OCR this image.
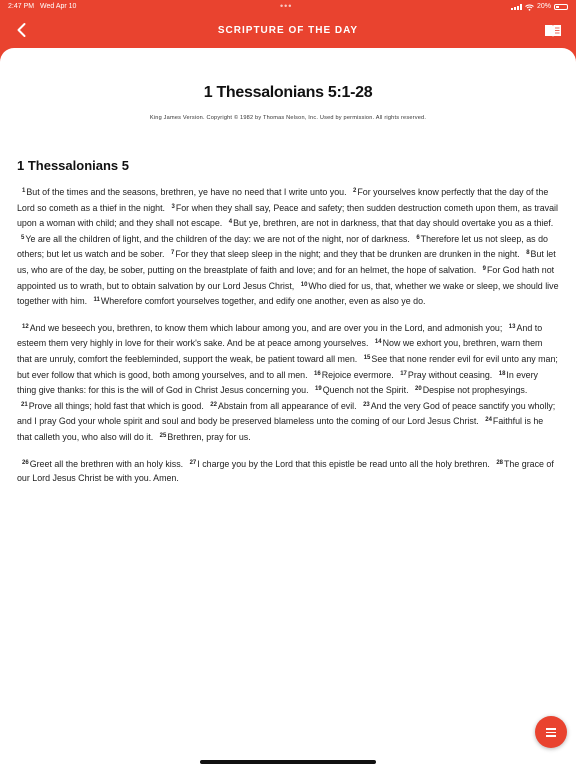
2:47 PM Wed Apr 10	•••	20%
SCRIPTURE OF THE DAY
1 Thessalonians 5:1-28
King James Version. Copyright © 1982 by Thomas Nelson, Inc. Used by permission. All rights reserved.
1 Thessalonians 5

$^1$But of the times and the seasons, brethren, ye have no need that I write unto you. $^2$For yourselves know perfectly that the day of the Lord so cometh as a thief in the night. $^3$For when they shall say, Peace and safety; then sudden destruction cometh upon them, as travail upon a woman with child; and they shall not escape. $^4$But ye, brethren, are not in darkness, that that day should overtake you as a thief. $^5$Ye are all the children of light, and the children of the day: we are not of the night, nor of darkness. $^6$Therefore let us not sleep, as do others; but let us watch and be sober. $^7$For they that sleep sleep in the night; and they that be drunken are drunken in the night. $^8$But let us, who are of the day, be sober, putting on the breastplate of faith and love; and for an helmet, the hope of salvation. $^9$For God hath not appointed us to wrath, but to obtain salvation by our Lord Jesus Christ, $^{10}$Who died for us, that, whether we wake or sleep, we should live together with him. $^{11}$Wherefore comfort yourselves together, and edify one another, even as also ye do.

$^{12}$And we beseech you, brethren, to know them which labour among you, and are over you in the Lord, and admonish you; $^{13}$And to esteem them very highly in love for their work's sake. And be at peace among yourselves. $^{14}$Now we exhort you, brethren, warn them that are unruly, comfort the feebleminded, support the weak, be patient toward all men. $^{15}$See that none render evil for evil unto any man; but ever follow that which is good, both among yourselves, and to all men. $^{16}$Rejoice evermore. $^{17}$Pray without ceasing. $^{18}$In every thing give thanks: for this is the will of God in Christ Jesus concerning you. $^{19}$Quench not the Spirit. $^{20}$Despise not prophesyings. $^{21}$Prove all things; hold fast that which is good. $^{22}$Abstain from all appearance of evil. $^{23}$And the very God of peace sanctify you wholly; and I pray God your whole spirit and soul and body be preserved blameless unto the coming of our Lord Jesus Christ. $^{24}$Faithful is he that calleth you, who also will do it. $^{25}$Brethren, pray for us.

$^{26}$Greet all the brethren with an holy kiss. $^{27}$I charge you by the Lord that this epistle be read unto all the holy brethren. $^{28}$The grace of our Lord Jesus Christ be with you. Amen.
